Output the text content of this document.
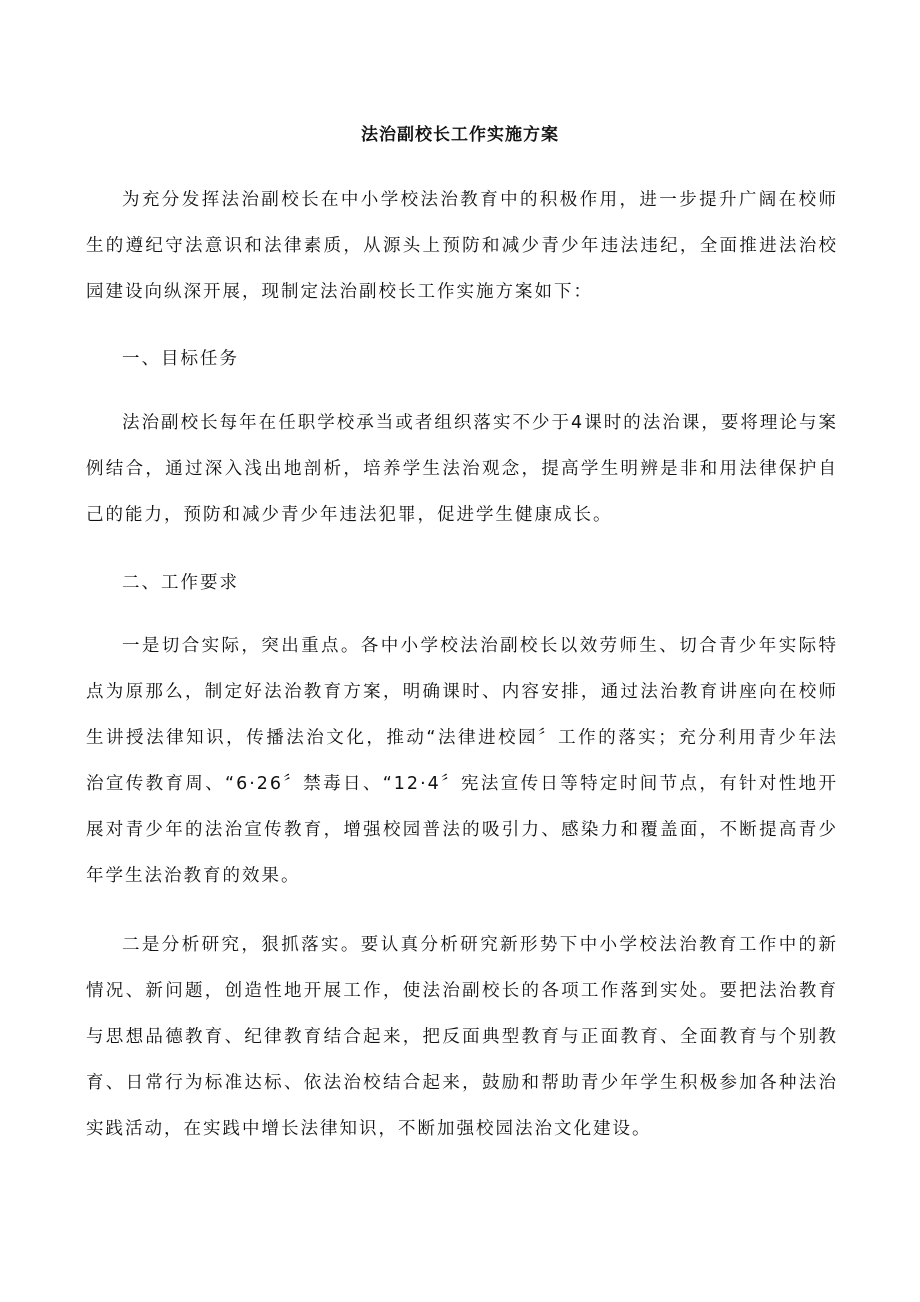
法治副校长工作实施方案

为充分发挥法治副校长在中小学校法治教育中的积极作用，进一步提升广阔在校师生的遵纪守法意识和法律素质，从源头上预防和减少青少年违法违纪，全面推进法治校园建设向纵深开展，现制定法治副校长工作实施方案如下：

一、目标任务

法治副校长每年在任职学校承当或者组织落实不少于4课时的法治课，要将理论与案例结合，通过深入浅出地剖析，培养学生法治观念，提高学生明辨是非和用法律保护自己的能力，预防和减少青少年违法犯罪，促进学生健康成长。

二、工作要求

一是切合实际，突出重点。各中小学校法治副校长以效劳师生、切合青少年实际特点为原那么，制定好法治教育方案，明确课时、内容安排，通过法治教育讲座向在校师生讲授法律知识，传播法治文化，推动“法律进校园〞工作的落实；充分利用青少年法治宣传教育周、“6·26〞禁毒日、“12·4〞宪法宣传日等特定时间节点，有针对性地开展对青少年的法治宣传教育，增强校园普法的吸引力、感染力和覆盖面，不断提高青少年学生法治教育的效果。

二是分析研究，狠抓落实。要认真分析研究新形势下中小学校法治教育工作中的新情况、新问题，创造性地开展工作，使法治副校长的各项工作落到实处。要把法治教育与思想品德教育、纪律教育结合起来，把反面典型教育与正面教育、全面教育与个别教育、日常行为标准达标、依法治校结合起来，鼓励和帮助青少年学生积极参加各种法治实践活动，在实践中增长法律知识，不断加强校园法治文化建设。
